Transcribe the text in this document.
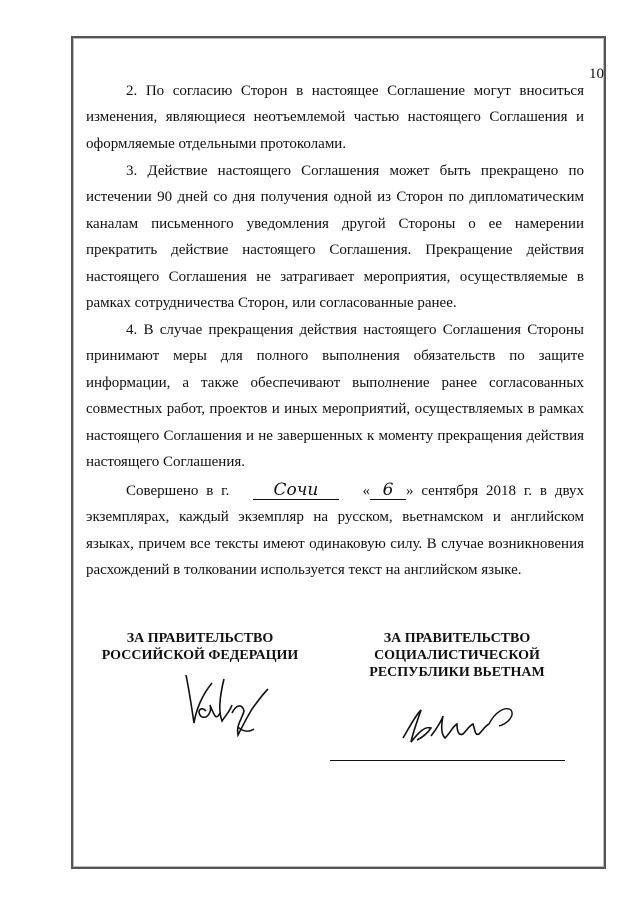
10

2. По согласию Сторон в настоящее Соглашение могут вноситься изменения, являющиеся неотъемлемой частью настоящего Соглашения и оформляемые отдельными протоколами.

3. Действие настоящего Соглашения может быть прекращено по истечении 90 дней со дня получения одной из Сторон по дипломатическим каналам письменного уведомления другой Стороны о ее намерении прекратить действие настоящего Соглашения. Прекращение действия настоящего Соглашения не затрагивает мероприятия, осуществляемые в рамках сотрудничества Сторон, или согласованные ранее.

4. В случае прекращения действия настоящего Соглашения Стороны принимают меры для полного выполнения обязательств по защите информации, а также обеспечивают выполнение ранее согласованных совместных работ, проектов и иных мероприятий, осуществляемых в рамках настоящего Соглашения и не завершенных к моменту прекращения действия настоящего Соглашения.

Совершено в г.	Сочи	« 6 » сентября 2018 г. в двух экземплярах, каждый экземпляр на русском, вьетнамском и английском языках, причем все тексты имеют одинаковую силу. В случае возникновения расхождений в толковании используется текст на английском языке.

ЗА ПРАВИТЕЛЬСТВО
РОССИЙСКОЙ ФЕДЕРАЦИИ

ЗА ПРАВИТЕЛЬСТВО
СОЦИАЛИСТИЧЕСКОЙ
РЕСПУБЛИКИ ВЬЕТНАМ
